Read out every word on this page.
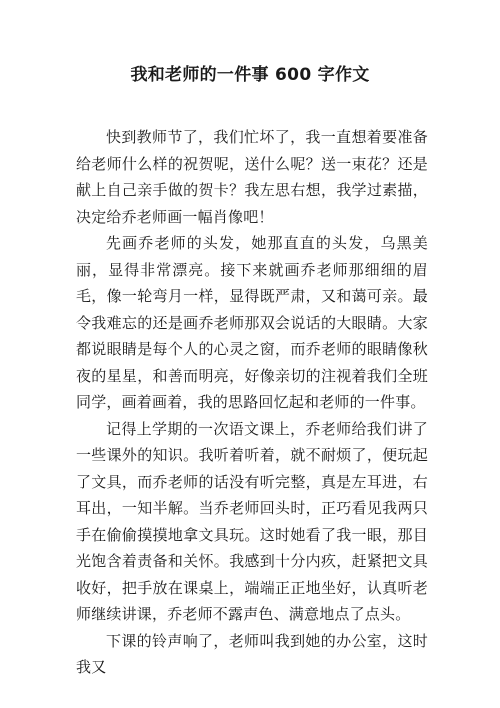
我和老师的一件事 600 字作文

快到教师节了，我们忙坏了，我一直想着要准备给老师什么样的祝贺呢，送什么呢？送一束花？还是献上自己亲手做的贺卡？我左思右想，我学过素描，决定给乔老师画一幅肖像吧！

先画乔老师的头发，她那直直的头发，乌黑美丽，显得非常漂亮。接下来就画乔老师那细细的眉毛，像一轮弯月一样，显得既严肃，又和蔼可亲。最令我难忘的还是画乔老师那双会说话的大眼睛。大家都说眼睛是每个人的心灵之窗，而乔老师的眼睛像秋夜的星星，和善而明亮，好像亲切的注视着我们全班同学，画着画着，我的思路回忆起和老师的一件事。

记得上学期的一次语文课上，乔老师给我们讲了一些课外的知识。我听着听着，就不耐烦了，便玩起了文具，而乔老师的话没有听完整，真是左耳进，右耳出，一知半解。当乔老师回头时，正巧看见我两只手在偷偷摸摸地拿文具玩。这时她看了我一眼，那目光饱含着责备和关怀。我感到十分内疚，赶紧把文具收好，把手放在课桌上，端端正正地坐好，认真听老师继续讲课，乔老师不露声色、满意地点了点头。

下课的铃声响了，老师叫我到她的办公室，这时我又
